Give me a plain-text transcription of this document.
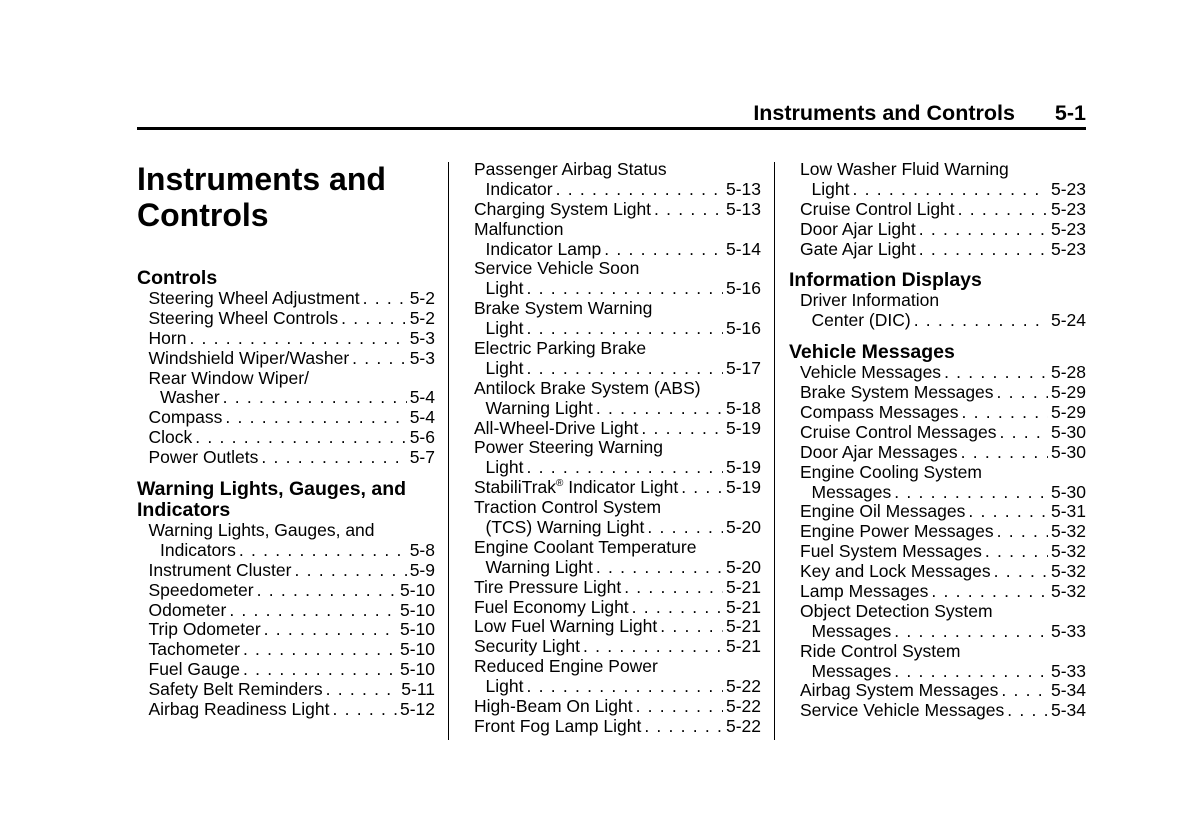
Instruments and Controls 5-1
Instruments and
Controls
Controls
Steering Wheel Adjustment . . .	5-2
Steering Wheel Controls . . .	5-2
Horn . . .	5-3
Windshield Wiper/Washer . . .	5-3
Rear Window Wiper/
Washer . . .	5-4
Compass . . .	5-4
Clock . . .	5-6
Power Outlets . . .	5-7
Warning Lights, Gauges, and
Indicators
Warning Lights, Gauges, and
Indicators . . .	5-8
Instrument Cluster . . .	5-9
Speedometer . . .	5-10
Odometer . . .	5-10
Trip Odometer . . .	5-10
Tachometer . . .	5-10
Fuel Gauge . . .	5-10
Safety Belt Reminders . . .	5-11
Airbag Readiness Light . . .	5-12
Passenger Airbag Status
Indicator . . .	5-13
Charging System Light . . .	5-13
Malfunction
Indicator Lamp . . .	5-14
Service Vehicle Soon
Light . . .	5-16
Brake System Warning
Light . . .	5-16
Electric Parking Brake
Light . . .	5-17
Antilock Brake System (ABS)
Warning Light . . .	5-18
All-Wheel-Drive Light . . .	5-19
Power Steering Warning
Light . . .	5-19
StabiliTrak® Indicator Light . . .	5-19
Traction Control System
(TCS) Warning Light . . .	5-20
Engine Coolant Temperature
Warning Light . . .	5-20
Tire Pressure Light . . .	5-21
Fuel Economy Light . . .	5-21
Low Fuel Warning Light . . .	5-21
Security Light . . .	5-21
Reduced Engine Power
Light . . .	5-22
High-Beam On Light . . .	5-22
Front Fog Lamp Light . . .	5-22
Low Washer Fluid Warning
Light . . .	5-23
Cruise Control Light . . .	5-23
Door Ajar Light . . .	5-23
Gate Ajar Light . . .	5-23
Information Displays
Driver Information
Center (DIC) . . .	5-24
Vehicle Messages
Vehicle Messages . . .	5-28
Brake System Messages . . .	5-29
Compass Messages . . .	5-29
Cruise Control Messages . . .	5-30
Door Ajar Messages . . .	5-30
Engine Cooling System
Messages . . .	5-30
Engine Oil Messages . . .	5-31
Engine Power Messages . . .	5-32
Fuel System Messages . . .	5-32
Key and Lock Messages . . .	5-32
Lamp Messages . . .	5-32
Object Detection System
Messages . . .	5-33
Ride Control System
Messages . . .	5-33
Airbag System Messages . . .	5-34
Service Vehicle Messages . . .	5-34
